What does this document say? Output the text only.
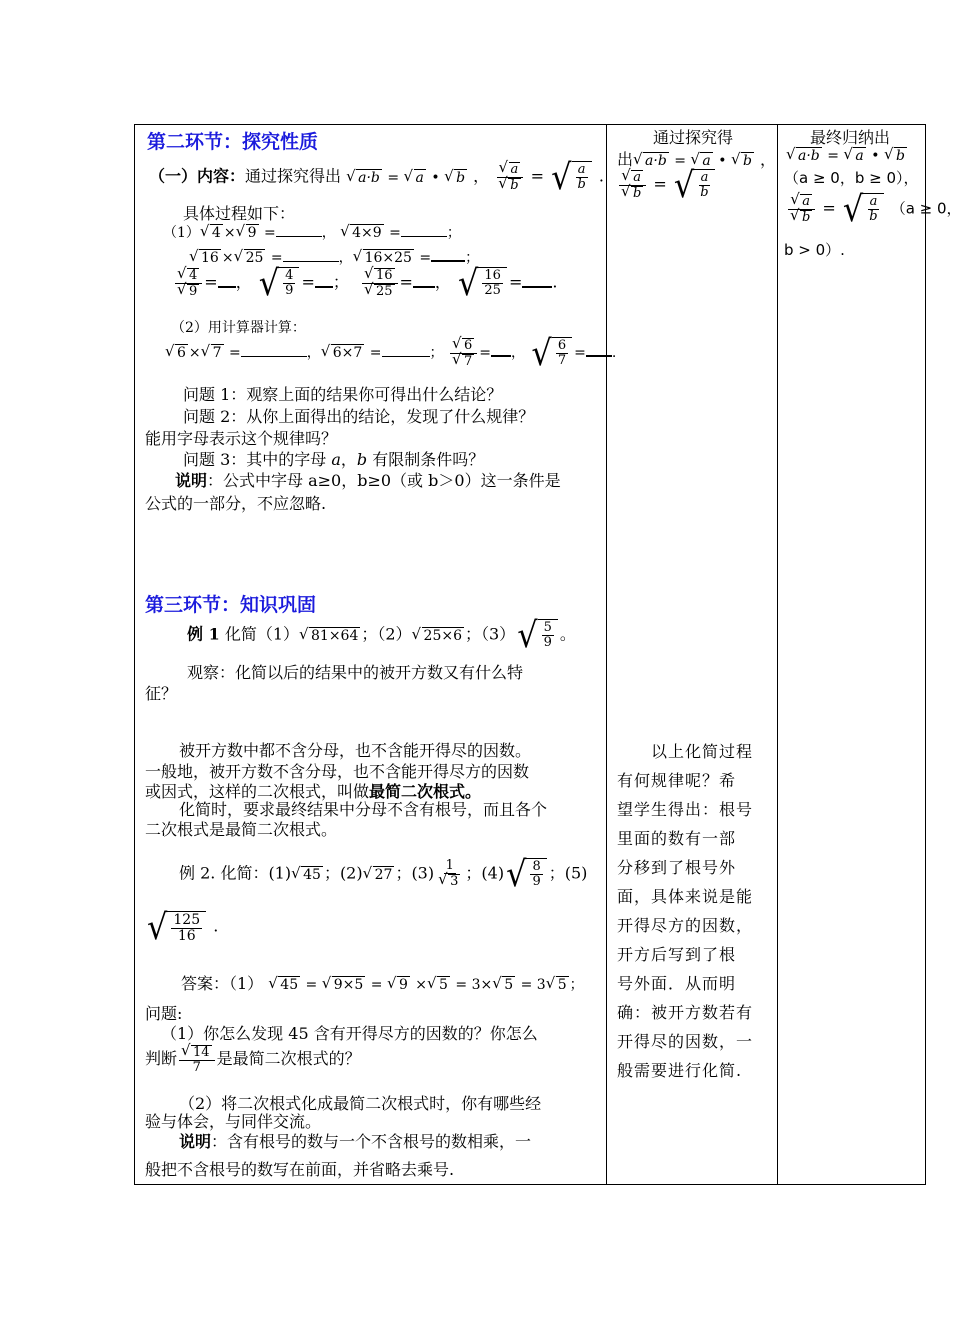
第二环节：探究性质
（一）内容：通过探究得出 √ a·b = √ a • √ b ， √ a
√ b = √ $\frac{a}{b}$ .
具体过程如下：
（1） √ 4 × √ 9 =	， √ 4×9 =	；
√ 16 × √ 25 =	， √ 16×25 = ；
√ 4
√ 9 = ， √ $\frac{4}{9}$ = ； √ 16
√ 25 = ， √ $\frac{16}{25}$ = .
（2）用计算器计算：
√ 6 × √ 7 =	， √ 6×7 =	； √ 6
√ 7 = ， √ $\frac{6}{7}$ = .
问题 1：观察上面的结果你可得出什么结论？
问题 2：从你上面得出的结论，发现了什么规律？
能用字母表示这个规律吗？
问题 3：其中的字母 a，b 有限制条件吗？
说明：公式中字母 a≥0，b≥0（或 b＞0）这一条件是
公式的一部分，不应忽略.
第三环节：知识巩固
例 1 化简（1） √ 81×64 ；（2） √ 25×6 ；（3） √ $\frac{5}{9}$ 。
观察：化简以后的结果中的被开方数又有什么特
征？
被开方数中都不含分母，也不含能开得尽的因数。
一般地，被开方数不含分母，也不含能开得尽方的因数
或因式，这样的二次根式，叫做最简二次根式。
化简时，要求最终结果中分母不含有根号，而且各个
二次根式是最简二次根式。
例 2. 化简：(1) √ 45 ；(2) √ 27 ；(3) 1
√ 3 ；(4) √ $\frac{8}{9}$ ；(5)
√ $\frac{125}{16}$ .
答案：（1） √ 45 = √ 9×5 = √ 9 × √ 5 = 3× √ 5 = 3 √ 5 ；
问题:
（1）你怎么发现 45 含有开得尽方的因数的？你怎么
判断 √ $\frac{14}{7}$ 是最简二次根式的？
（2）将二次根式化成最简二次根式时，你有哪些经
验与体会，与同伴交流。
说明：含有根号的数与一个不含根号的数相乘，一
般把不含根号的数写在前面，并省略去乘号.
通过探究得
出 √ a·b = √ a • √ b ，
√ a
√ b = √ $\frac{a}{b}$
以上化简过程
有何规律呢？希
望学生得出：根号
里面的数有一部
分移到了根号外
面，具体来说是能
开得尽方的因数，
开方后写到了根
号外面．从而明
确：被开方数若有
开得尽的因数，一
般需要进行化简.
最终归纳出
√ a·b = √ a • √ b
（a ≥ 0，b ≥ 0），
√ a
√ b = √ $\frac{a}{b} (a \ge 0$，
b > 0）.
